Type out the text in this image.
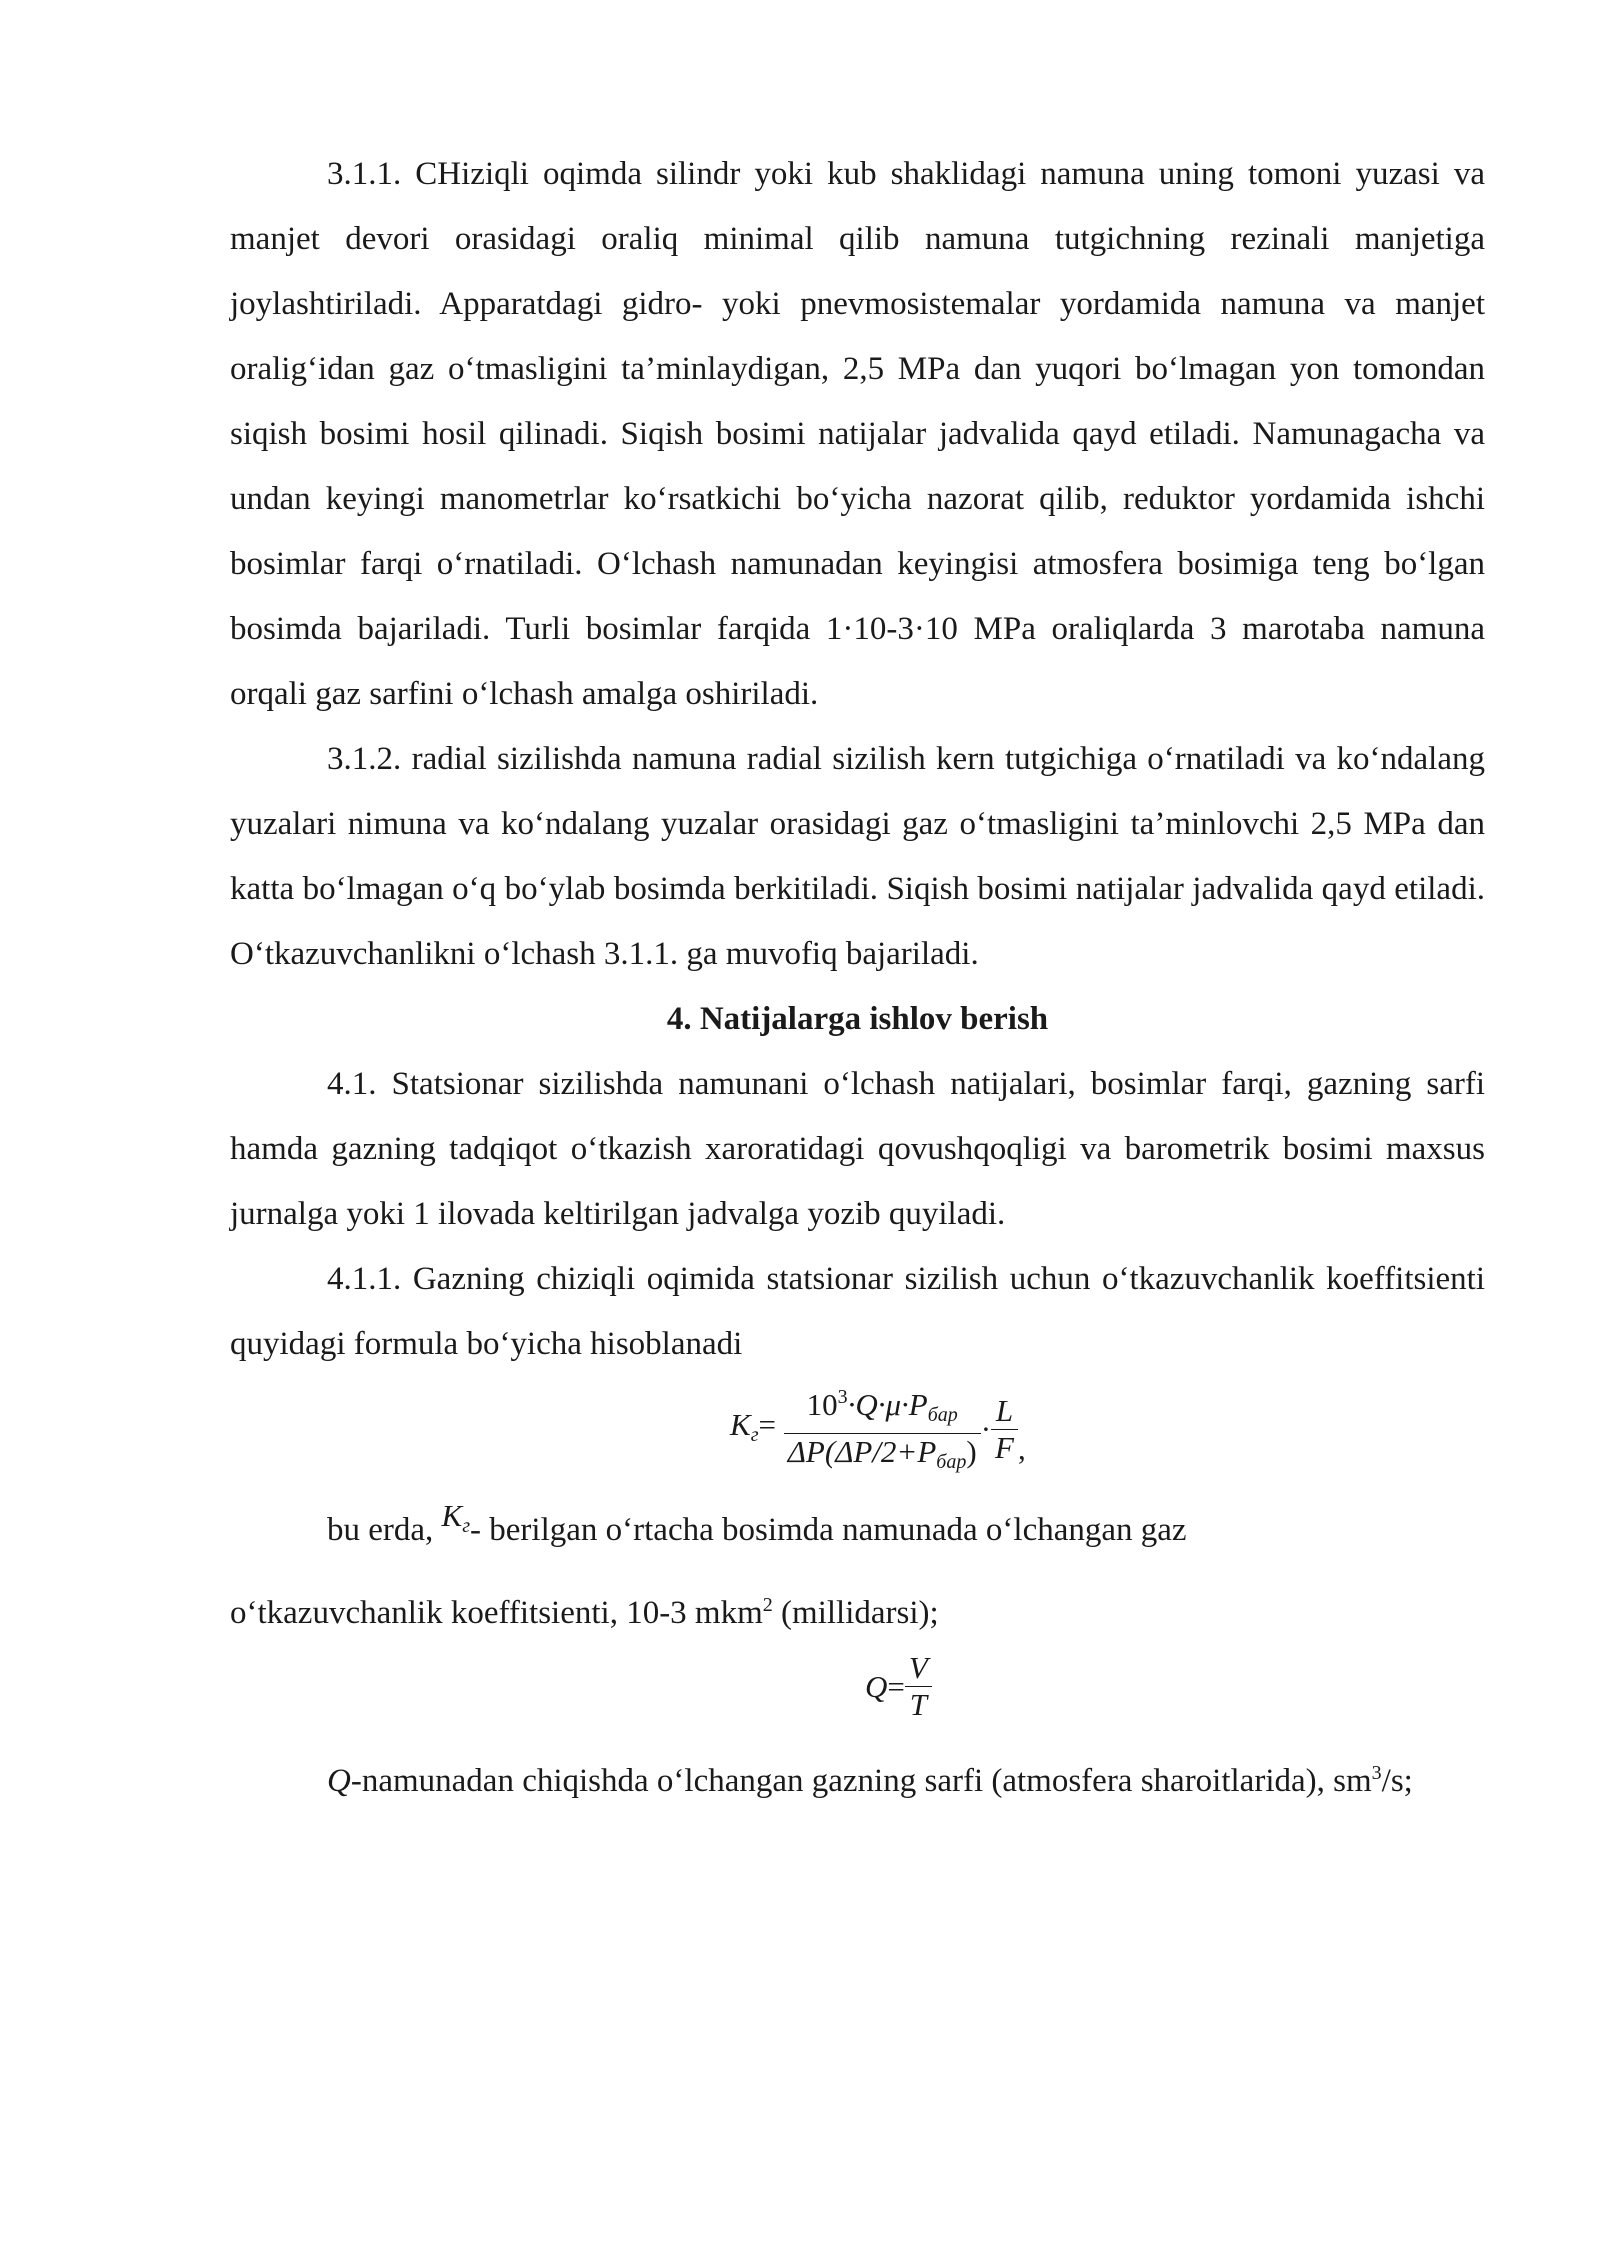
3.1.1. CHiziqli oqimda silindr yoki kub shaklidagi namuna uning tomoni yuzasi va manjet devori orasidagi oraliq minimal qilib namuna tutgichning rezinali manjetiga joylashtiriladi. Apparatdagi gidro- yoki pnevmosistemalar yordamida namuna va manjet oralig‘idan gaz o‘tmasligini ta’minlaydigan, 2,5 MPa dan yuqori bo‘lmagan yon tomondan siqish bosimi hosil qilinadi. Siqish bosimi natijalar jadvalida qayd etiladi. Namunagacha va undan keyingi manometrlar ko‘rsatkichi bo‘yicha nazorat qilib, reduktor yordamida ishchi bosimlar farqi o‘rnatiladi. O‘lchash namunadan keyingisi atmosfera bosimiga teng bo‘lgan bosimda bajariladi. Turli bosimlar farqida 1·10-3·10 MPa oraliqlarda 3 marotaba namuna orqali gaz sarfini o‘lchash amalga oshiriladi.

3.1.2. radial sizilishda namuna radial sizilish kern tutgichiga o‘rnatiladi va ko‘ndalang yuzalari nimuna va ko‘ndalang yuzalar orasidagi gaz o‘tmasligini ta’minlovchi 2,5 MPa dan katta bo‘lmagan o‘q bo‘ylab bosimda berkitiladi. Siqish bosimi natijalar jadvalida qayd etiladi. O‘tkazuvchanlikni o‘lchash 3.1.1. ga muvofiq bajariladi.

4. Natijalarga ishlov berish

4.1. Statsionar sizilishda namunani o‘lchash natijalari, bosimlar farqi, gazning sarfi hamda gazning tadqiqot o‘tkazish xaroratidagi qovushqoqligi va barometrik bosimi maxsus jurnalga yoki 1 ilovada keltirilgan jadvalga yozib quyiladi.

4.1.1. Gazning chiziqli oqimida statsionar sizilish uchun o‘tkazuvchanlik koeffitsienti quyidagi formula bo‘yicha hisoblanadi

$K_г= \frac{10^3\cdot Q\cdot\mu\cdot P_{бар}}{\Delta P(\Delta P/2+P_{бар})} \cdot \frac{L}{F}$ ,

bu erda, $K_г-$ berilgan o‘rtacha bosimda namunada o‘lchangan gaz

o‘tkazuvchanlik koeffitsienti, 10-3 mkm$^2$ (millidarsi);

$Q= \frac{V}{T}$

Q-namunadan chiqishda o‘lchangan gazning sarfi (atmosfera sharoitlarida), $sm^3/s$;
